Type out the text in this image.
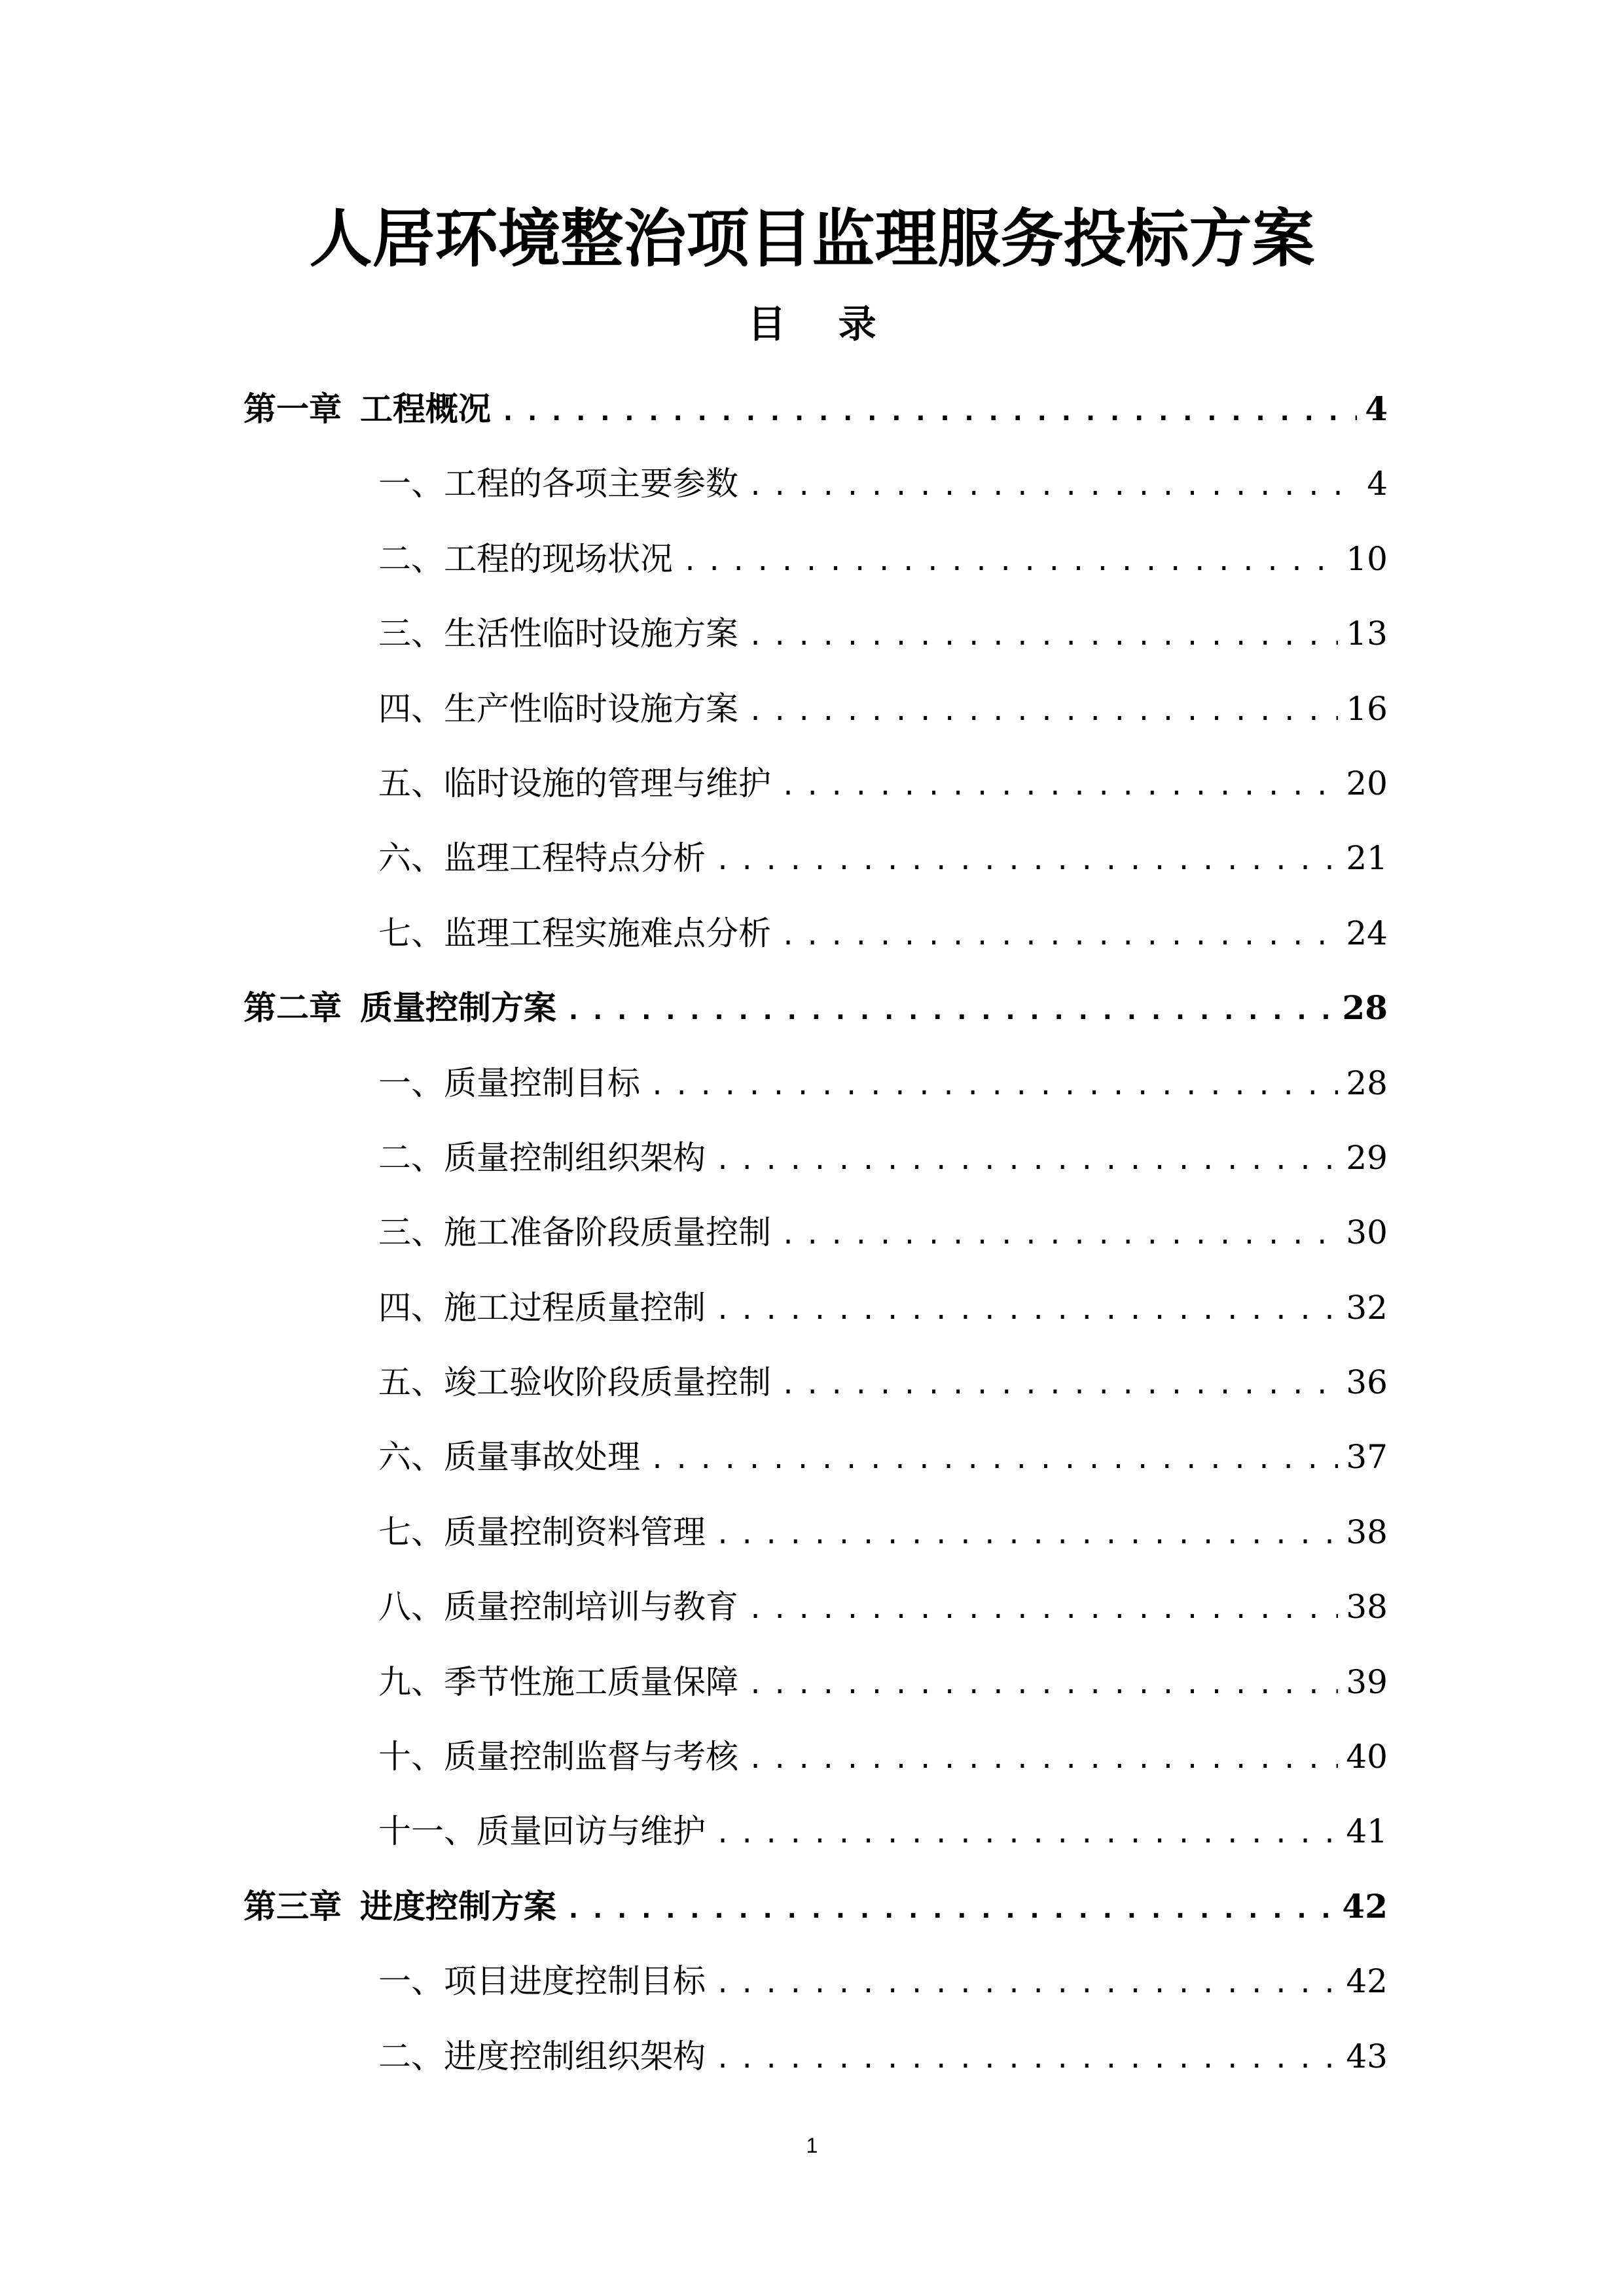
人居环境整治项目监理服务投标方案
目 录
第一章 工程概况 .....	4
一、工程的各项主要参数 .....	4
二、工程的现场状况 .....	10
三、生活性临时设施方案 .....	13
四、生产性临时设施方案 .....	16
五、临时设施的管理与维护 .....	20
六、监理工程特点分析 .....	21
七、监理工程实施难点分析 .....	24
第二章 质量控制方案 .....	28
一、质量控制目标 .....	28
二、质量控制组织架构 .....	29
三、施工准备阶段质量控制 .....	30
四、施工过程质量控制 .....	32
五、竣工验收阶段质量控制 .....	36
六、质量事故处理 .....	37
七、质量控制资料管理 .....	38
八、质量控制培训与教育 .....	38
九、季节性施工质量保障 .....	39
十、质量控制监督与考核 .....	40
十一、质量回访与维护 .....	41
第三章 进度控制方案 .....	42
一、项目进度控制目标 .....	42
二、进度控制组织架构 .....	43
1
